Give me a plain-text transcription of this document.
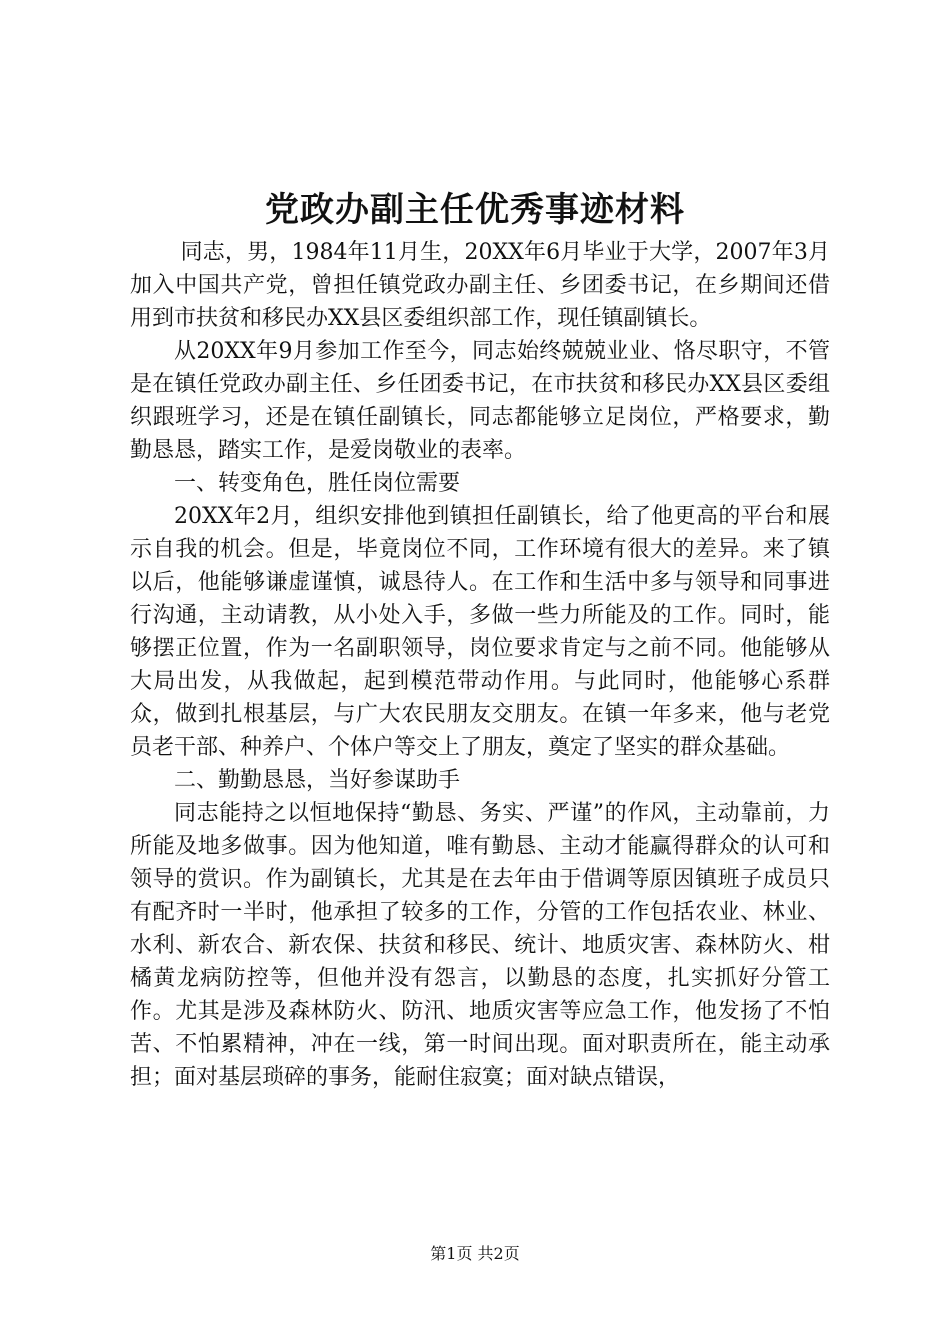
党政办副主任优秀事迹材料

同志，男，1984年11月生，20XX年6月毕业于大学，2007年3月加入中国共产党，曾担任镇党政办副主任、乡团委书记，在乡期间还借用到市扶贫和移民办XX县区委组织部工作，现任镇副镇长。

从20XX年9月参加工作至今，同志始终兢兢业业、恪尽职守，不管是在镇任党政办副主任、乡任团委书记，在市扶贫和移民办XX县区委组织跟班学习，还是在镇任副镇长，同志都能够立足岗位，严格要求，勤勤恳恳，踏实工作，是爱岗敬业的表率。

一、转变角色，胜任岗位需要

20XX年2月，组织安排他到镇担任副镇长，给了他更高的平台和展示自我的机会。但是，毕竟岗位不同，工作环境有很大的差异。来了镇以后，他能够谦虚谨慎，诚恳待人。在工作和生活中多与领导和同事进行沟通，主动请教，从小处入手，多做一些力所能及的工作。同时，能够摆正位置，作为一名副职领导，岗位要求肯定与之前不同。他能够从大局出发，从我做起，起到模范带动作用。与此同时，他能够心系群众，做到扎根基层，与广大农民朋友交朋友。在镇一年多来，他与老党员老干部、种养户、个体户等交上了朋友，奠定了坚实的群众基础。

二、勤勤恳恳，当好参谋助手

同志能持之以恒地保持“勤恳、务实、严谨”的作风，主动靠前，力所能及地多做事。因为他知道，唯有勤恳、主动才能赢得群众的认可和领导的赏识。作为副镇长，尤其是在去年由于借调等原因镇班子成员只有配齐时一半时，他承担了较多的工作，分管的工作包括农业、林业、水利、新农合、新农保、扶贫和移民、统计、地质灾害、森林防火、柑橘黄龙病防控等，但他并没有怨言，以勤恳的态度，扎实抓好分管工作。尤其是涉及森林防火、防汛、地质灾害等应急工作，他发扬了不怕苦、不怕累精神，冲在一线，第一时间出现。面对职责所在，能主动承担；面对基层琐碎的事务，能耐住寂寞；面对缺点错误，

第1页 共2页
